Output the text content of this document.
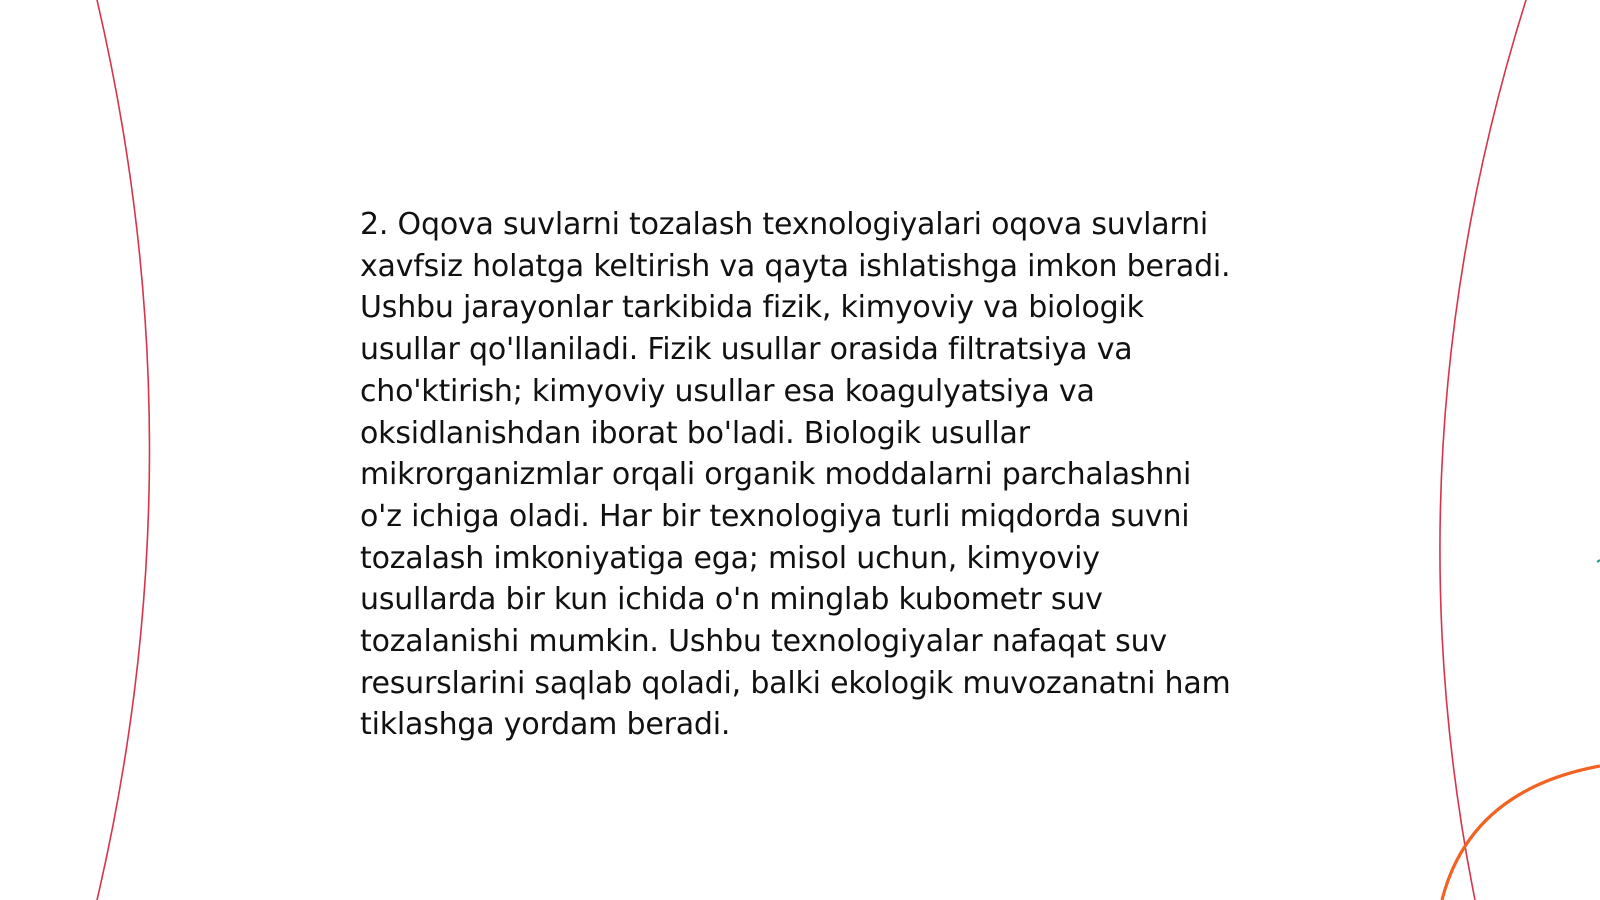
2. Oqova suvlarni tozalash texnologiyalari oqova suvlarni xavfsiz holatga keltirish va qayta ishlatishga imkon beradi. Ushbu jarayonlar tarkibida fizik, kimyoviy va biologik usullar qo'llaniladi. Fizik usullar orasida filtratsiya va cho'ktirish; kimyoviy usullar esa koagulyatsiya va oksidlanishdan iborat bo'ladi. Biologik usullar mikrorganizmlar orqali organik moddalarni parchalashni o'z ichiga oladi. Har bir texnologiya turli miqdorda suvni tozalash imkoniyatiga ega; misol uchun, kimyoviy usullarda bir kun ichida o'n minglab kubometr suv tozalanishi mumkin. Ushbu texnologiyalar nafaqat suv resurslarini saqlab qoladi, balki ekologik muvozanatni ham tiklashga yordam beradi.
